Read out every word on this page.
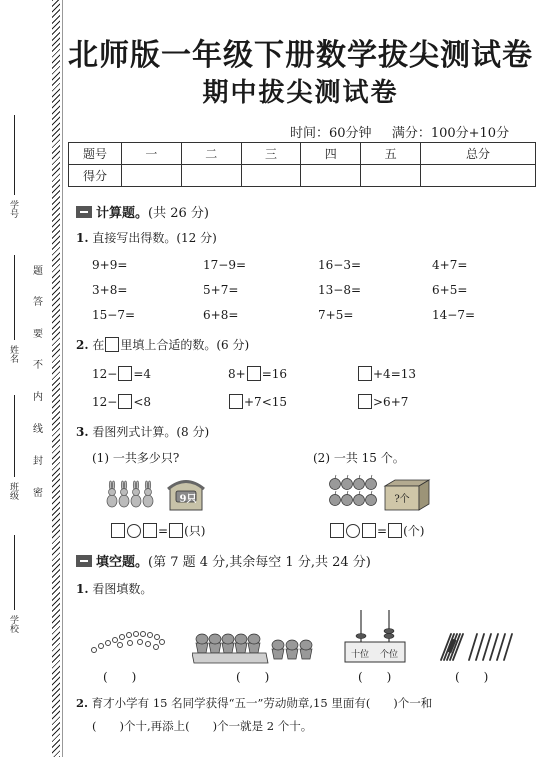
学号
姓名
班级
学校
题
答
要
不
内
线
封
密
北师版一年级下册数学拔尖测试卷
期中拔尖测试卷
时间：60分钟 满分：100分+10分
题号	一	二	三	四	五	总分
得分						
计算题。 (共 26 分)
1. 直接写出得数。(12 分)
9+9=	17−9=	16−3=	4+7=
3+8=	5+7=	13−8=	6+5=
15−7=	6+8=	7+5=	14−7=
2. 在 里填上合适的数。(6 分)
12− =4	8+ =16	+4=13
12− <8	+7<15	>6+7
3. 看图列式计算。(8 分)
(1) 一共多少只?	(2) 一共 15 个。
9只	?个
= (只)	= (个)
填空题。 (第 7 题 4 分,其余每空 1 分,共 24 分)
1. 看图填数。
十位	个位
(　　)	(　　)	(　　)	(　　)
2. 育才小学有 15 名同学获得“五一”劳动勋章,15 里面有(　　)个一和
(　　)个十,再添上(　　)个一就是 2 个十。
